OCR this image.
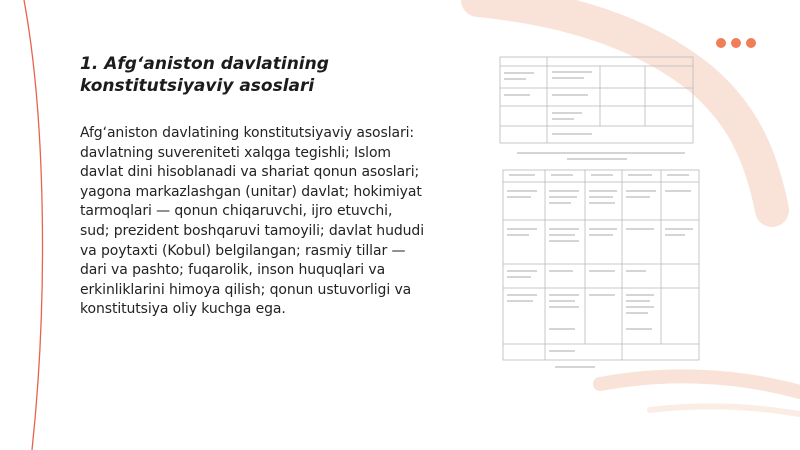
1. Afg‘aniston davlatining konstitutsiyaviy asoslari

Afg‘aniston davlatining konstitutsiyaviy asoslari: davlatning suvereniteti xalqga tegishli; Islom davlat dini hisoblanadi va shariat qonun asoslari; yagona markazlashgan (unitar) davlat; hokimiyat tarmoqlari — qonun chiqaruvchi, ijro etuvchi, sud; prezident boshqaruvi tamoyili; davlat hududi va poytaxti (Kobul) belgilangan; rasmiy tillar — dari va pashto; fuqarolik, inson huquqlari va erkinliklarini himoya qilish; qonun ustuvorligi va konstitutsiya oliy kuchga ega.
